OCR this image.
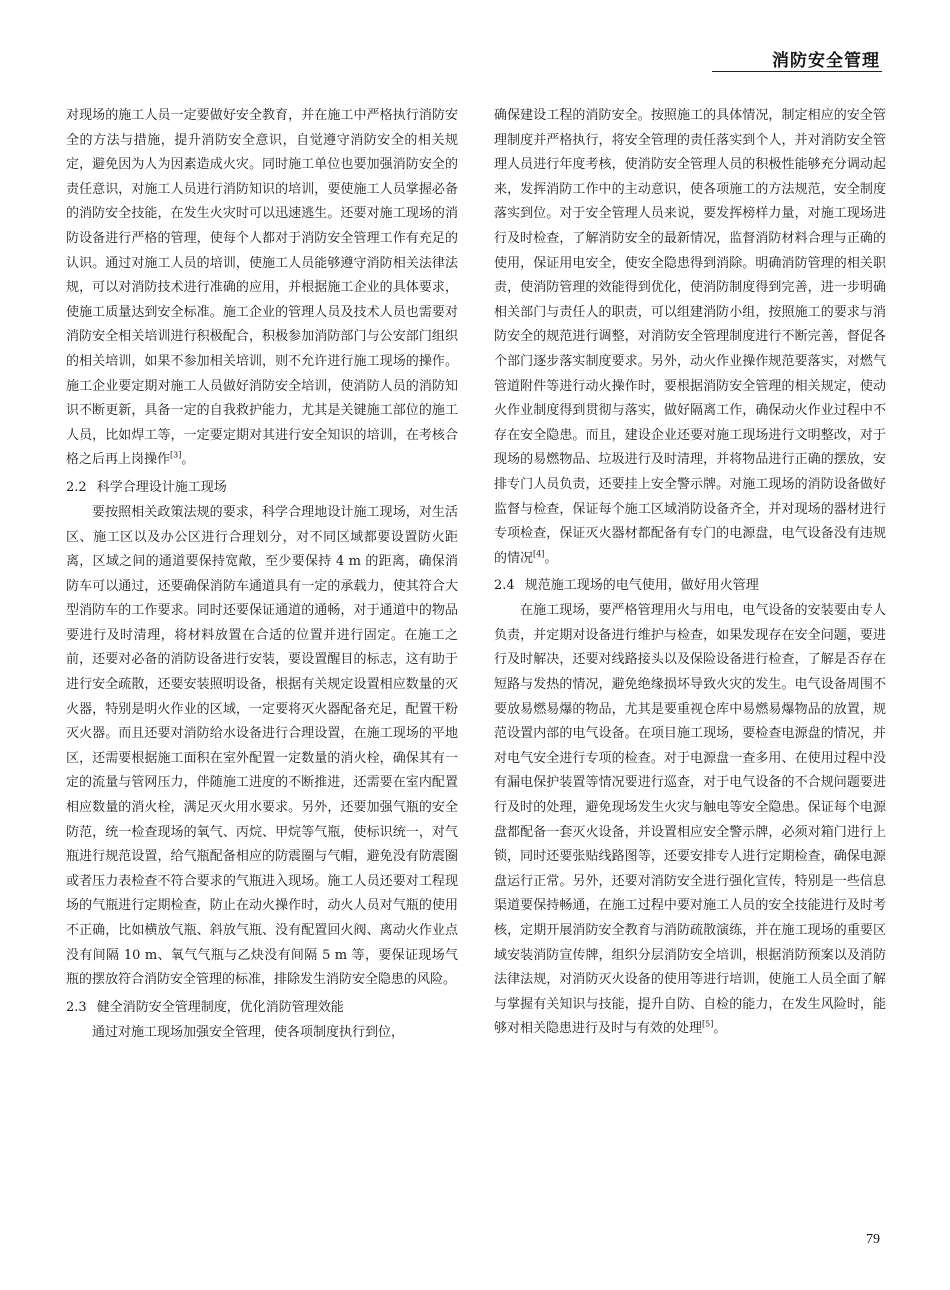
消防安全管理

对现场的施工人员一定要做好安全教育，并在施工中严格执行消防安全的方法与措施，提升消防安全意识，自觉遵守消防安全的相关规定，避免因为人为因素造成火灾。同时施工单位也要加强消防安全的责任意识，对施工人员进行消防知识的培训，要使施工人员掌握必备的消防安全技能，在发生火灾时可以迅速逃生。还要对施工现场的消防设备进行严格的管理，使每个人都对于消防安全管理工作有充足的认识。通过对施工人员的培训，使施工人员能够遵守消防相关法律法规，可以对消防技术进行准确的应用，并根据施工企业的具体要求，使施工质量达到安全标准。施工企业的管理人员及技术人员也需要对消防安全相关培训进行积极配合，积极参加消防部门与公安部门组织的相关培训，如果不参加相关培训，则不允许进行施工现场的操作。施工企业要定期对施工人员做好消防安全培训，使消防人员的消防知识不断更新，具备一定的自我救护能力，尤其是关键施工部位的施工人员，比如焊工等，一定要定期对其进行安全知识的培训，在考核合格之后再上岗操作[3]。

2.2 科学合理设计施工现场

要按照相关政策法规的要求，科学合理地设计施工现场，对生活区、施工区以及办公区进行合理划分，对不同区域都要设置防火距离，区域之间的通道要保持宽敞，至少要保持 4 m 的距离，确保消防车可以通过，还要确保消防车通道具有一定的承载力，使其符合大型消防车的工作要求。同时还要保证通道的通畅，对于通道中的物品要进行及时清理，将材料放置在合适的位置并进行固定。在施工之前，还要对必备的消防设备进行安装，要设置醒目的标志，这有助于进行安全疏散，还要安装照明设备，根据有关规定设置相应数量的灭火器，特别是明火作业的区域，一定要将灭火器配备充足，配置干粉灭火器。而且还要对消防给水设备进行合理设置，在施工现场的平地区，还需要根据施工面积在室外配置一定数量的消火栓，确保其有一定的流量与管网压力，伴随施工进度的不断推进，还需要在室内配置相应数量的消火栓，满足灭火用水要求。另外，还要加强气瓶的安全防范，统一检查现场的氧气、丙烷、甲烷等气瓶，使标识统一，对气瓶进行规范设置，给气瓶配备相应的防震圈与气帽，避免没有防震圈或者压力表检查不符合要求的气瓶进入现场。施工人员还要对工程现场的气瓶进行定期检查，防止在动火操作时，动火人员对气瓶的使用不正确，比如横放气瓶、斜放气瓶、没有配置回火阀、离动火作业点没有间隔 10 m、氧气气瓶与乙炔没有间隔 5 m 等，要保证现场气瓶的摆放符合消防安全管理的标准，排除发生消防安全隐患的风险。

2.3 健全消防安全管理制度，优化消防管理效能

通过对施工现场加强安全管理，使各项制度执行到位，

确保建设工程的消防安全。按照施工的具体情况，制定相应的安全管理制度并严格执行，将安全管理的责任落实到个人，并对消防安全管理人员进行年度考核，使消防安全管理人员的积极性能够充分调动起来，发挥消防工作中的主动意识，使各项施工的方法规范，安全制度落实到位。对于安全管理人员来说，要发挥榜样力量，对施工现场进行及时检查，了解消防安全的最新情况，监督消防材料合理与正确的使用，保证用电安全，使安全隐患得到消除。明确消防管理的相关职责，使消防管理的效能得到优化，使消防制度得到完善，进一步明确相关部门与责任人的职责，可以组建消防小组，按照施工的要求与消防安全的规范进行调整，对消防安全管理制度进行不断完善，督促各个部门逐步落实制度要求。另外，动火作业操作规范要落实，对燃气管道附件等进行动火操作时，要根据消防安全管理的相关规定，使动火作业制度得到贯彻与落实，做好隔离工作，确保动火作业过程中不存在安全隐患。而且，建设企业还要对施工现场进行文明整改，对于现场的易燃物品、垃圾进行及时清理，并将物品进行正确的摆放，安排专门人员负责，还要挂上安全警示牌。对施工现场的消防设备做好监督与检查，保证每个施工区域消防设备齐全，并对现场的器材进行专项检查，保证灭火器材都配备有专门的电源盘，电气设备没有违规的情况[4]。

2.4 规范施工现场的电气使用，做好用火管理

在施工现场，要严格管理用火与用电，电气设备的安装要由专人负责，并定期对设备进行维护与检查，如果发现存在安全问题，要进行及时解决，还要对线路接头以及保险设备进行检查，了解是否存在短路与发热的情况，避免绝缘损坏导致火灾的发生。电气设备周围不要放易燃易爆的物品，尤其是要重视仓库中易燃易爆物品的放置，规范设置内部的电气设备。在项目施工现场，要检查电源盘的情况，并对电气安全进行专项的检查。对于电源盘一查多用、在使用过程中没有漏电保护装置等情况要进行巡查，对于电气设备的不合规问题要进行及时的处理，避免现场发生火灾与触电等安全隐患。保证每个电源盘都配备一套灭火设备，并设置相应安全警示牌，必须对箱门进行上锁，同时还要张贴线路图等，还要安排专人进行定期检查，确保电源盘运行正常。另外，还要对消防安全进行强化宣传，特别是一些信息渠道要保持畅通，在施工过程中要对施工人员的安全技能进行及时考核，定期开展消防安全教育与消防疏散演练，并在施工现场的重要区域安装消防宣传牌，组织分层消防安全培训，根据消防预案以及消防法律法规，对消防灭火设备的使用等进行培训，使施工人员全面了解与掌握有关知识与技能，提升自防、自检的能力，在发生风险时，能够对相关隐患进行及时与有效的处理[5]。

79
